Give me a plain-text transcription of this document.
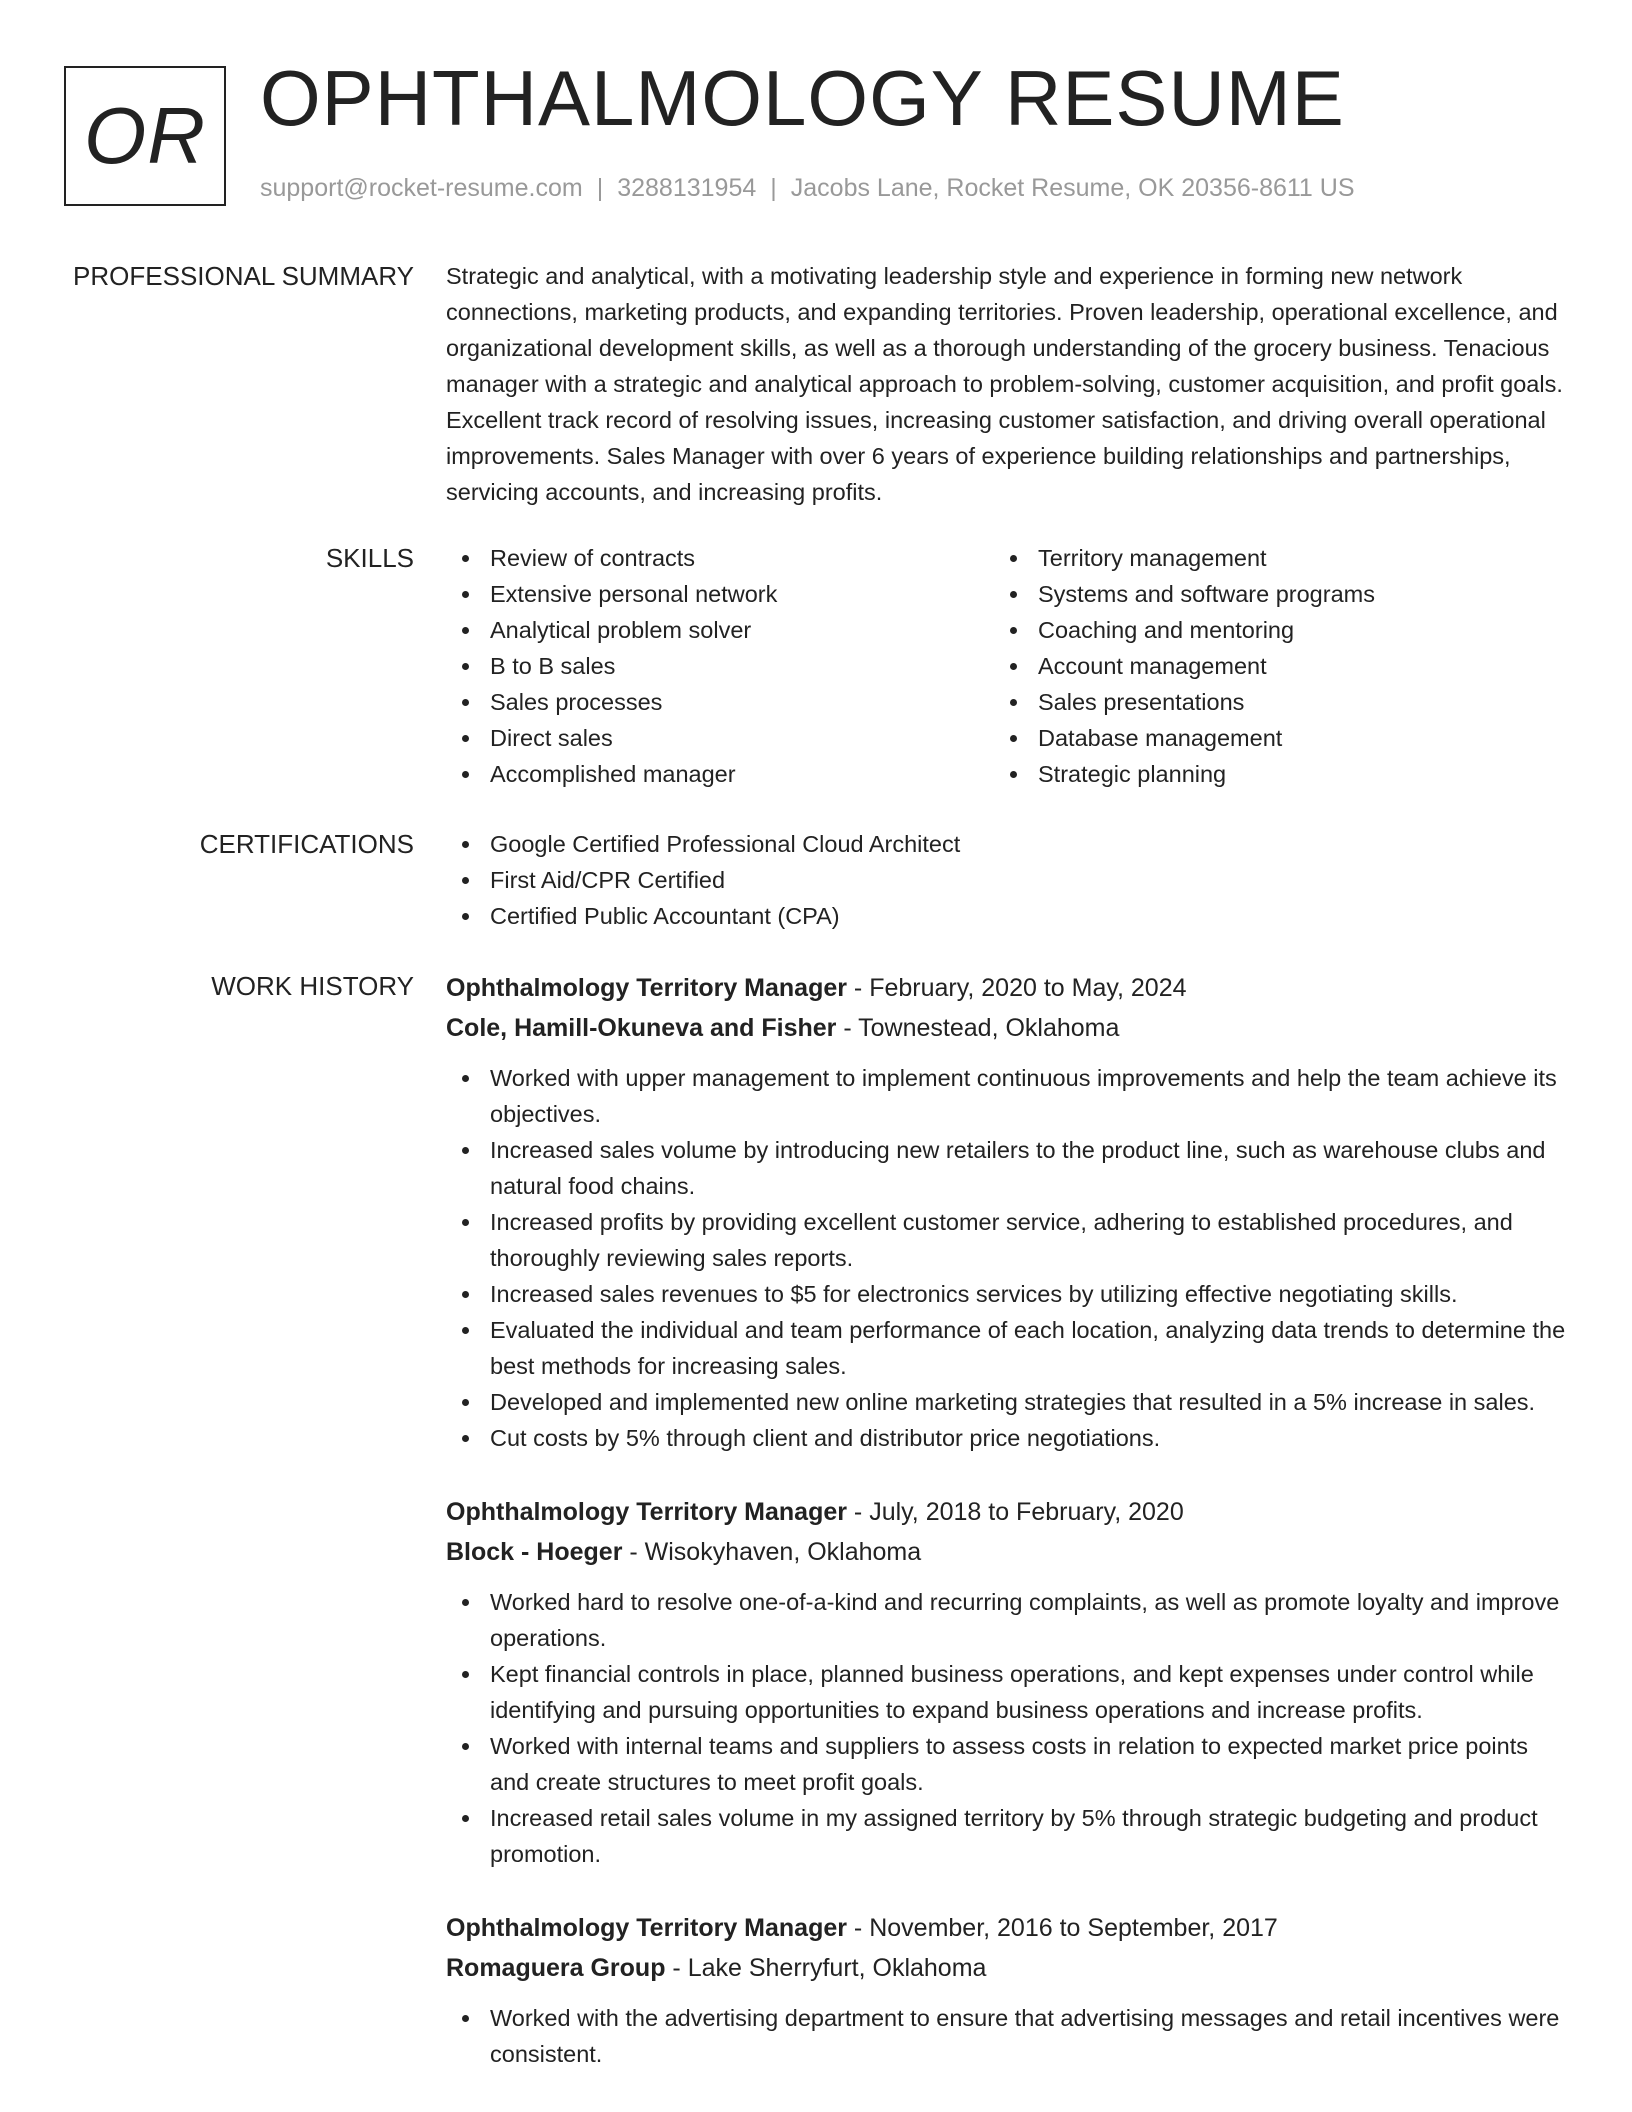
OR OPHTHALMOLOGY RESUME
support@rocket-resume.com | 3288131954 | Jacobs Lane, Rocket Resume, OK 20356-8611 US
PROFESSIONAL SUMMARY Strategic and analytical, with a motivating leadership style and experience in forming new network connections, marketing products, and expanding territories. Proven leadership, operational excellence, and organizational development skills, as well as a thorough understanding of the grocery business. Tenacious manager with a strategic and analytical approach to problem-solving, customer acquisition, and profit goals. Excellent track record of resolving issues, increasing customer satisfaction, and driving overall operational improvements. Sales Manager with over 6 years of experience building relationships and partnerships, servicing accounts, and increasing profits.

SKILLS	Review of contracts
Extensive personal network
Analytical problem solver
B to B sales
Sales processes
Direct sales
Accomplished manager
Territory management
Systems and software programs
Coaching and mentoring
Account management
Sales presentations
Database management
Strategic planning
CERTIFICATIONS	Google Certified Professional Cloud Architect
First Aid/CPR Certified
Certified Public Accountant (CPA)
WORK HISTORY Ophthalmology Territory Manager - February, 2020 to May, 2024
Cole, Hamill-Okuneva and Fisher - Townestead, Oklahoma
Worked with upper management to implement continuous improvements and help the team achieve its objectives.
Increased sales volume by introducing new retailers to the product line, such as warehouse clubs and natural food chains.
Increased profits by providing excellent customer service, adhering to established procedures, and thoroughly reviewing sales reports.
Increased sales revenues to $5 for electronics services by utilizing effective negotiating skills.
Evaluated the individual and team performance of each location, analyzing data trends to determine the best methods for increasing sales.
Developed and implemented new online marketing strategies that resulted in a 5% increase in sales.
Cut costs by 5% through client and distributor price negotiations.
Ophthalmology Territory Manager - July, 2018 to February, 2020
Block - Hoeger - Wisokyhaven, Oklahoma
Worked hard to resolve one-of-a-kind and recurring complaints, as well as promote loyalty and improve operations.
Kept financial controls in place, planned business operations, and kept expenses under control while identifying and pursuing opportunities to expand business operations and increase profits.
Worked with internal teams and suppliers to assess costs in relation to expected market price points and create structures to meet profit goals.
Increased retail sales volume in my assigned territory by 5% through strategic budgeting and product promotion.
Ophthalmology Territory Manager - November, 2016 to September, 2017
Romaguera Group - Lake Sherryfurt, Oklahoma
Worked with the advertising department to ensure that advertising messages and retail incentives were consistent.
